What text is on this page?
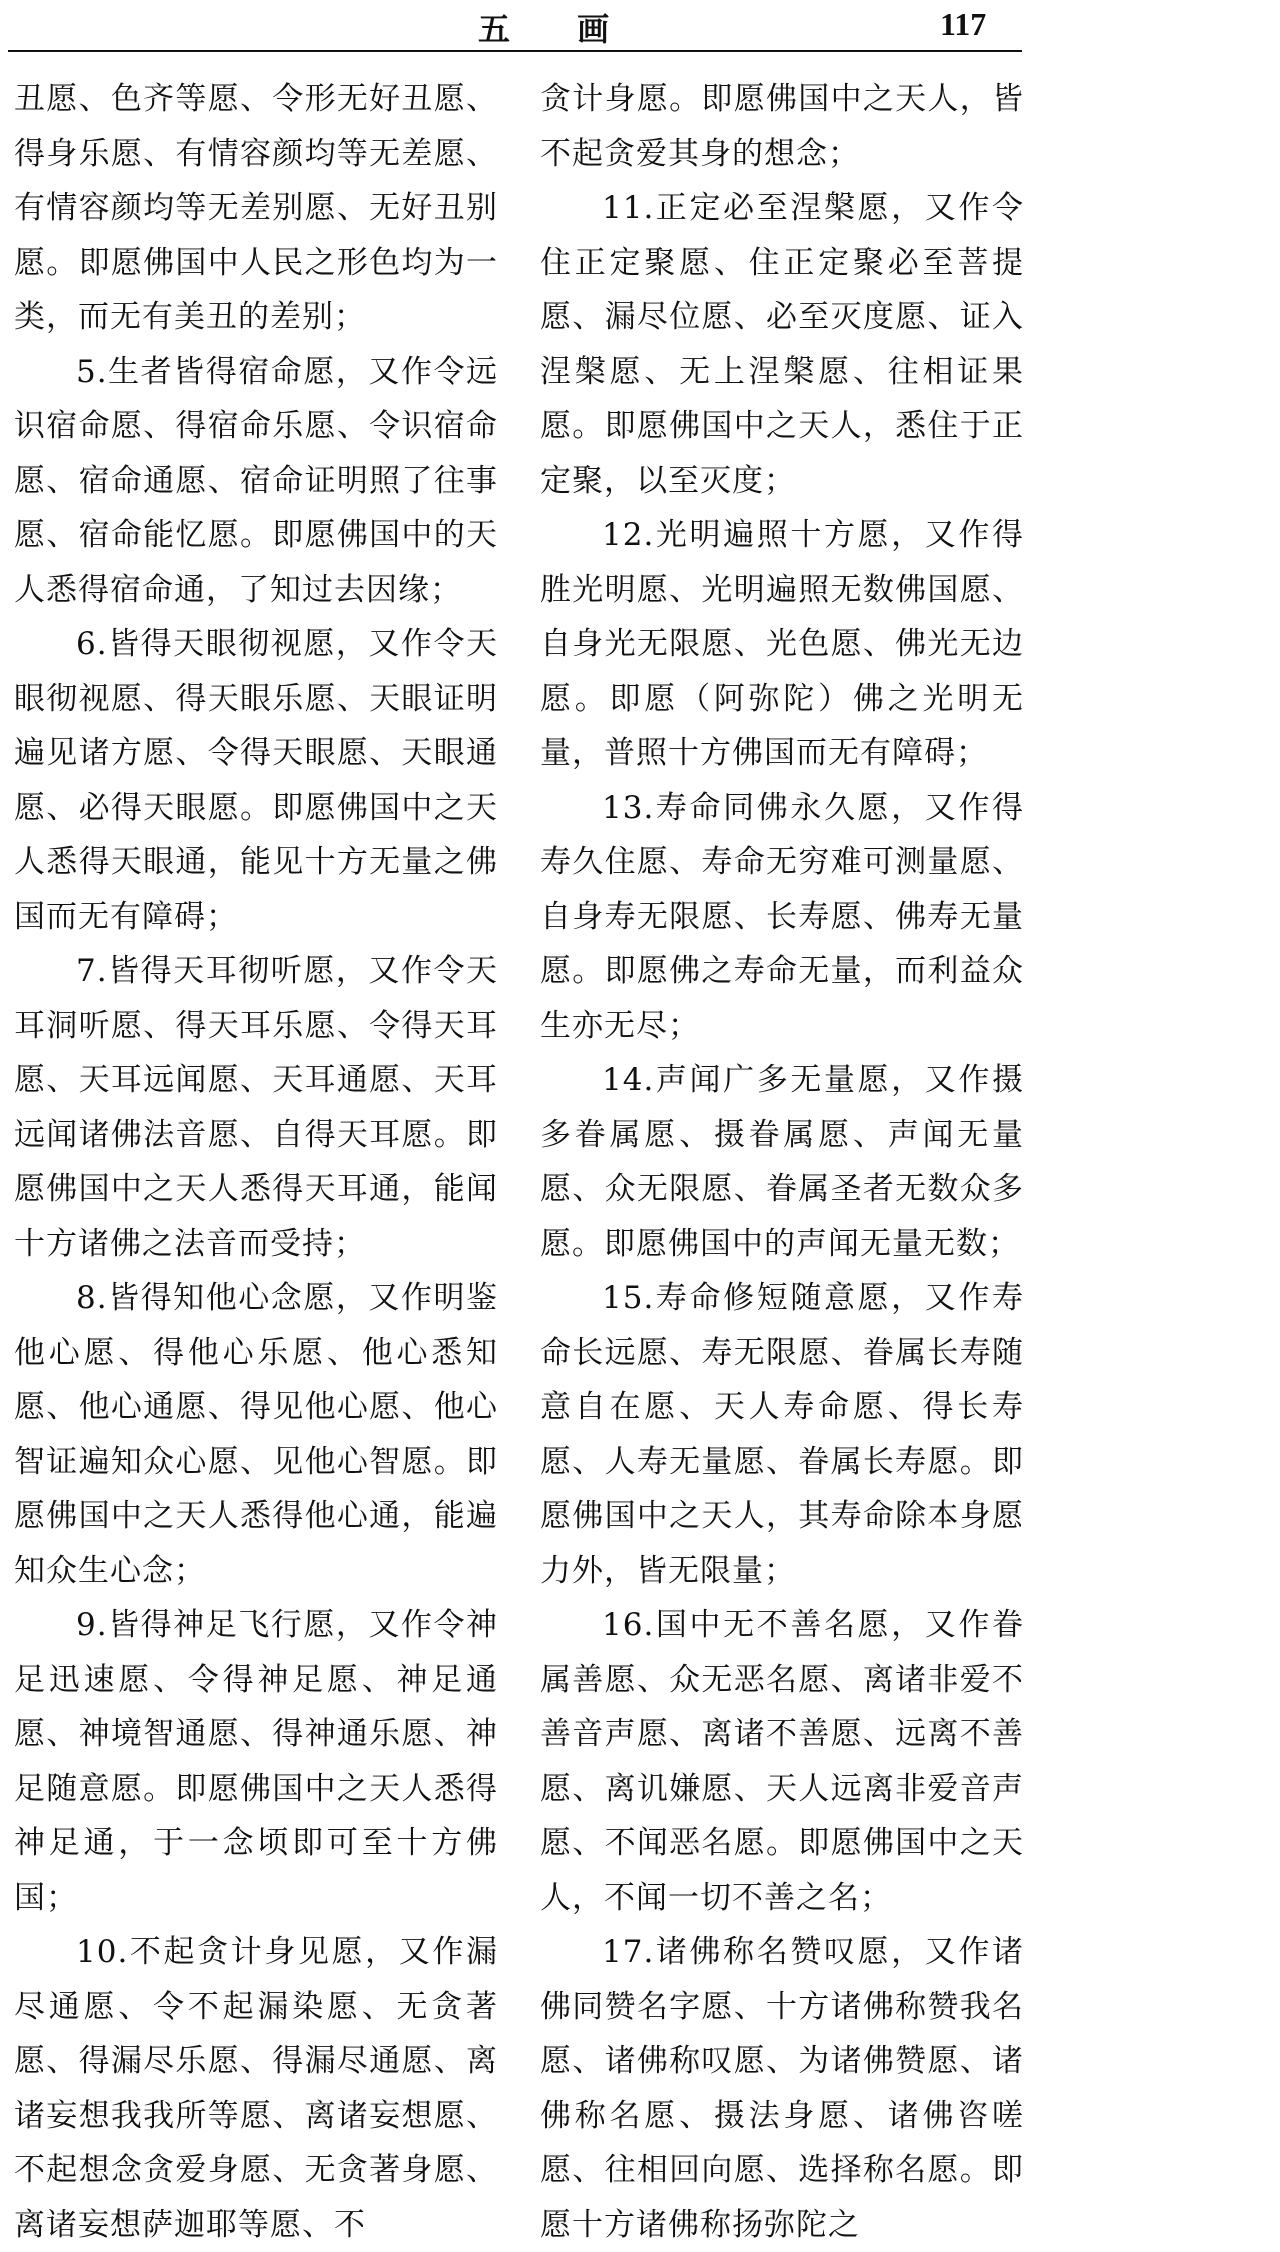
五 画	117

丑愿、色齐等愿、令形无好丑愿、得身乐愿、有情容颜均等无差愿、有情容颜均等无差别愿、无好丑别愿。即愿佛国中人民之形色均为一类，而无有美丑的差别；

5.生者皆得宿命愿，又作令远识宿命愿、得宿命乐愿、令识宿命愿、宿命通愿、宿命证明照了往事愿、宿命能忆愿。即愿佛国中的天人悉得宿命通，了知过去因缘；

6.皆得天眼彻视愿，又作令天眼彻视愿、得天眼乐愿、天眼证明遍见诸方愿、令得天眼愿、天眼通愿、必得天眼愿。即愿佛国中之天人悉得天眼通，能见十方无量之佛国而无有障碍；

7.皆得天耳彻听愿，又作令天耳洞听愿、得天耳乐愿、令得天耳愿、天耳远闻愿、天耳通愿、天耳远闻诸佛法音愿、自得天耳愿。即愿佛国中之天人悉得天耳通，能闻十方诸佛之法音而受持；

8.皆得知他心念愿，又作明鉴他心愿、得他心乐愿、他心悉知愿、他心通愿、得见他心愿、他心智证遍知众心愿、见他心智愿。即愿佛国中之天人悉得他心通，能遍知众生心念；

9.皆得神足飞行愿，又作令神足迅速愿、令得神足愿、神足通愿、神境智通愿、得神通乐愿、神足随意愿。即愿佛国中之天人悉得神足通，于一念顷即可至十方佛国；

10.不起贪计身见愿，又作漏尽通愿、令不起漏染愿、无贪著愿、得漏尽乐愿、得漏尽通愿、离诸妄想我我所等愿、离诸妄想愿、不起想念贪爱身愿、无贪著身愿、离诸妄想萨迦耶等愿、不

贪计身愿。即愿佛国中之天人，皆不起贪爱其身的想念；

11.正定必至涅槃愿，又作令住正定聚愿、住正定聚必至菩提愿、漏尽位愿、必至灭度愿、证入涅槃愿、无上涅槃愿、往相证果愿。即愿佛国中之天人，悉住于正定聚，以至灭度；

12.光明遍照十方愿，又作得胜光明愿、光明遍照无数佛国愿、自身光无限愿、光色愿、佛光无边愿。即愿（阿弥陀）佛之光明无量，普照十方佛国而无有障碍；

13.寿命同佛永久愿，又作得寿久住愿、寿命无穷难可测量愿、自身寿无限愿、长寿愿、佛寿无量愿。即愿佛之寿命无量，而利益众生亦无尽；

14.声闻广多无量愿，又作摄多眷属愿、摄眷属愿、声闻无量愿、众无限愿、眷属圣者无数众多愿。即愿佛国中的声闻无量无数；

15.寿命修短随意愿，又作寿命长远愿、寿无限愿、眷属长寿随意自在愿、天人寿命愿、得长寿愿、人寿无量愿、眷属长寿愿。即愿佛国中之天人，其寿命除本身愿力外，皆无限量；

16.国中无不善名愿，又作眷属善愿、众无恶名愿、离诸非爱不善音声愿、离诸不善愿、远离不善愿、离讥嫌愿、天人远离非爱音声愿、不闻恶名愿。即愿佛国中之天人，不闻一切不善之名；

17.诸佛称名赞叹愿，又作诸佛同赞名字愿、十方诸佛称赞我名愿、诸佛称叹愿、为诸佛赞愿、诸佛称名愿、摄法身愿、诸佛咨嗟愿、往相回向愿、选择称名愿。即愿十方诸佛称扬弥陀之
